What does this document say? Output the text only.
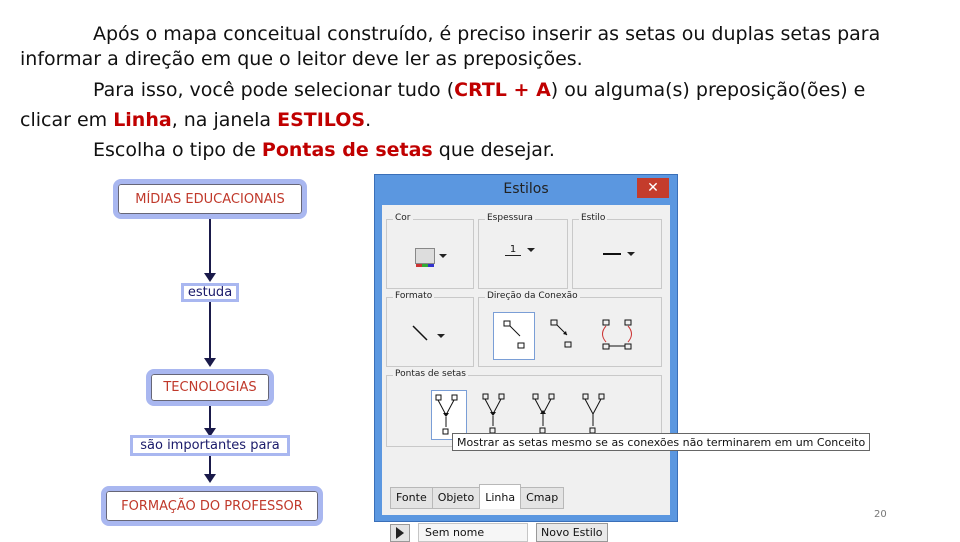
Após o mapa conceitual construído, é preciso inserir as setas ou duplas setas para
informar a direção em que o leitor deve ler as preposições.
Para isso, você pode selecionar tudo (CRTL + A) ou alguma(s) preposição(ões) e
clicar em Linha, na janela ESTILOS.
Escolha o tipo de Pontas de setas que desejar.
MÍDIAS EDUCACIONAIS
estuda
TECNOLOGIAS
são importantes para
FORMAÇÃO DO PROFESSOR
Estilos	✕
Cor	Espessura
1
Estilo
Formato	Direção da Conexão
Pontas de setas
Fonte	Objeto	Linha	Cmap
Sem nome	Novo Estilo
Mostrar as setas mesmo se as conexões não terminarem em um Conceito
20
